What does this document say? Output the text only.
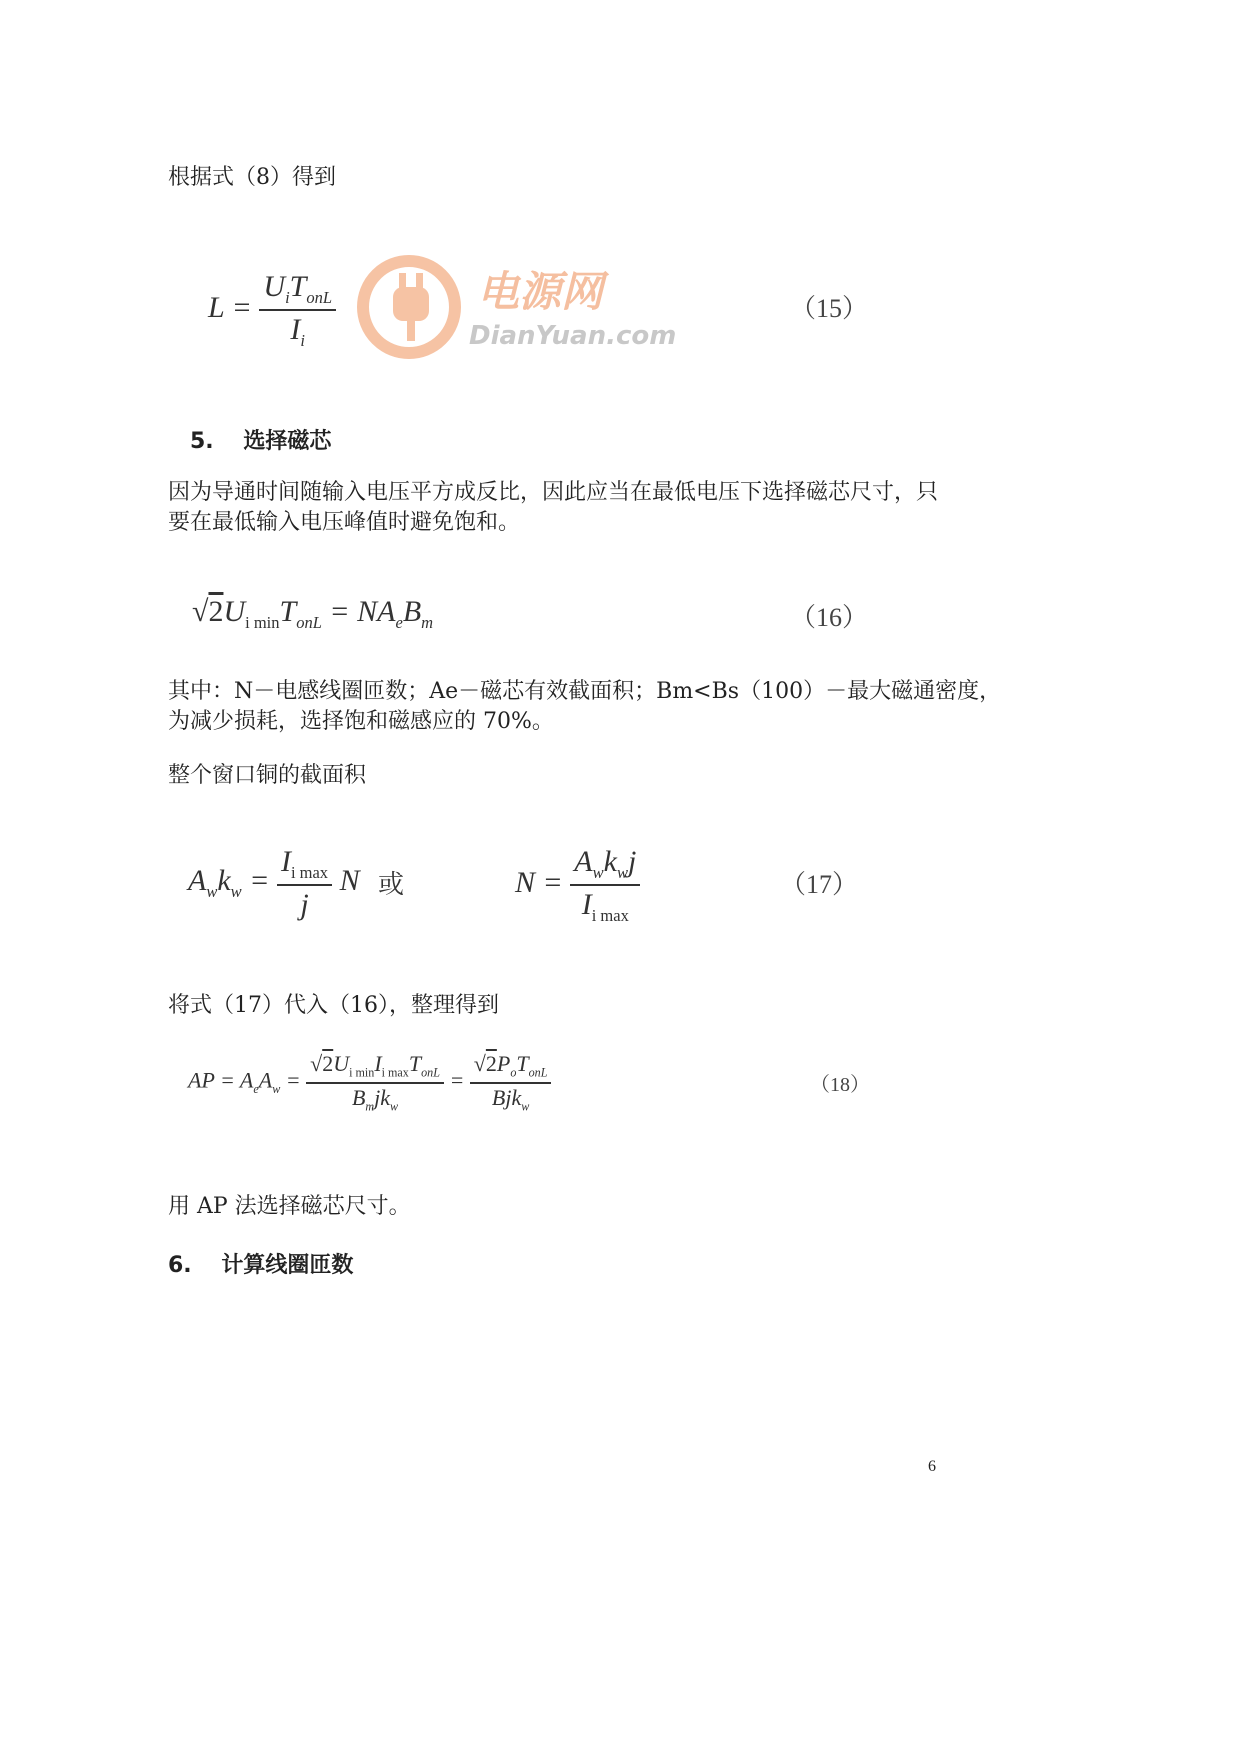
根据式（8）得到
$L = \frac{U_iT_{onL}}{I_i}$	电源网
DianYuan.com
（15）
5. 选择磁芯
因为导通时间随输入电压平方成反比，因此应当在最低电压下选择磁芯尺寸，只
要在最低输入电压峰值时避免饱和。
$√2U_{i min}T_{onL} = NA_eB_m$	（16）
其中：N－电感线圈匝数；Ae－磁芯有效截面积；Bm<Bs（100）－最大磁通密度，
为减少损耗，选择饱和磁感应的 70%。
整个窗口铜的截面积
$A_wk_w = \frac{I_{i max}}{j}$ N 或	$N = \frac{A_wk_wj}{I_{i max}}$	（17）
将式（17）代入（16），整理得到
AP = $A_eA_w = \frac{√2U_{i min}I_{i max}T_{onL}}{B_mjk_w} = \frac{√2P_oT_{onL}}{Bjk_w}$	（18）
用 AP 法选择磁芯尺寸。
6. 计算线圈匝数
6
